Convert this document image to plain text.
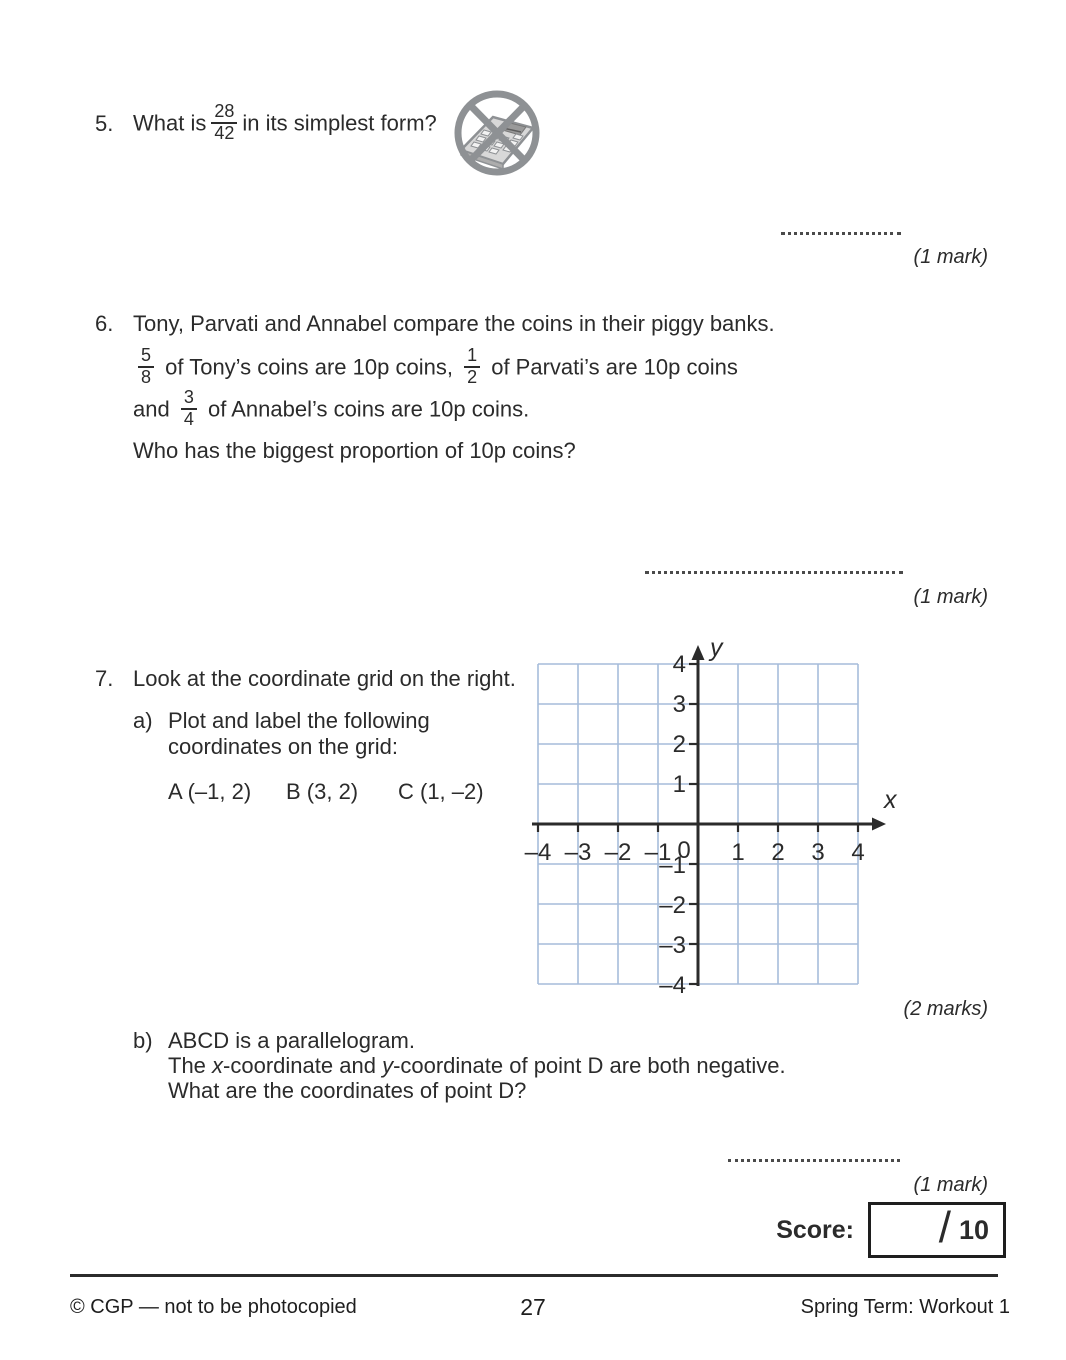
5. What is $\frac{28}{42}$ in its simplest form?
(1 mark)
6. Tony, Parvati and Annabel compare the coins in their piggy banks.
$\frac{5}{8}$ of Tony’s coins are 10p coins, $\frac{1}{2}$ of Parvati’s are 10p coins
and $\frac{3}{4}$ of Annabel’s coins are 10p coins.
Who has the biggest proportion of 10p coins?
(1 mark)
7. Look at the coordinate grid on the right.
a) Plot and label the following
coordinates on the grid:
A (–1, 2) B (3, 2) C (1, –2)
–4 –3 –2 –1 0 1 2 3 4
4
3
2
1
–1
–2
–3
–4
x
y
(2 marks)
b) ABCD is a parallelogram.
The x-coordinate and y-coordinate of point D are both negative.
What are the coordinates of point D?
(1 mark)
Score: / 10
© CGP — not to be photocopied	27	Spring Term: Workout 1
